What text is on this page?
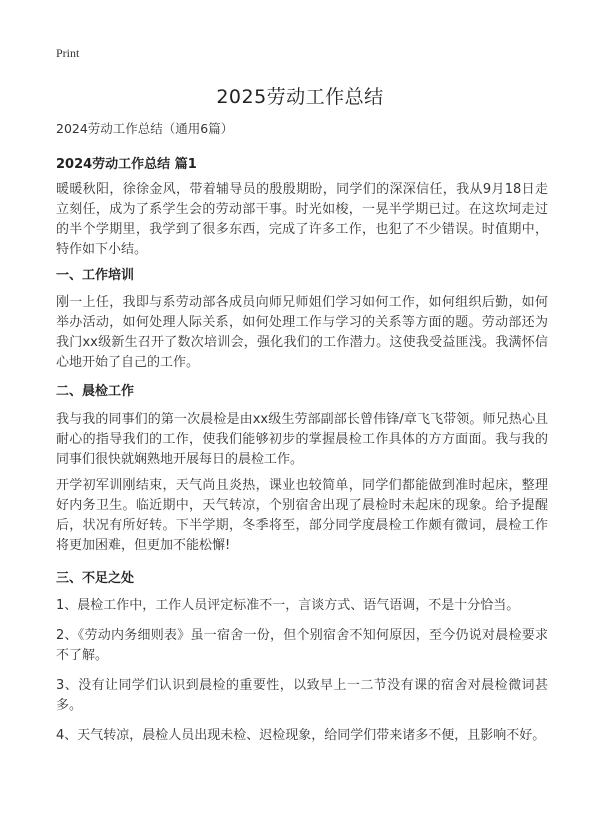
Print
2025劳动工作总结
2024劳动工作总结（通用6篇）
2024劳动工作总结 篇1

暖暖秋阳，徐徐金风，带着辅导员的殷殷期盼，同学们的深深信任，我从9月18日走立刻任，成为了系学生会的劳动部干事。时光如梭，一晃半学期已过。在这坎坷走过的半个学期里，我学到了很多东西，完成了许多工作，也犯了不少错误。时值期中，特作如下小结。

一、工作培训

刚一上任，我即与系劳动部各成员向师兄师姐们学习如何工作，如何组织后勤，如何举办活动，如何处理人际关系，如何处理工作与学习的关系等方面的题。劳动部还为我门xx级新生召开了数次培训会，强化我们的工作潜力。这使我受益匪浅。我满怀信心地开始了自己的工作。

二、晨检工作

我与我的同事们的第一次晨检是由xx级生劳部副部长曾伟锋/章飞飞带领。师兄热心且耐心的指导我们的工作，使我们能够初步的掌握晨检工作具体的方方面面。我与我的同事们很快就娴熟地开展每日的晨检工作。

开学初军训刚结束，天气尚且炎热，课业也较简单，同学们都能做到准时起床，整理好内务卫生。临近期中，天气转凉，个别宿舍出现了晨检时未起床的现象。给予提醒后，状况有所好转。下半学期，冬季将至，部分同学度晨检工作颇有微词，晨检工作将更加困难，但更加不能松懈!

三、不足之处

1、晨检工作中，工作人员评定标准不一，言谈方式、语气语调，不是十分恰当。

2、《劳动内务细则表》虽一宿舍一份，但个别宿舍不知何原因，至今仍说对晨检要求不了解。

3、没有让同学们认识到晨检的重要性，以致早上一二节没有课的宿舍对晨检微词甚多。

4、天气转凉，晨检人员出现未检、迟检现象，给同学们带来诸多不便，且影响不好。
